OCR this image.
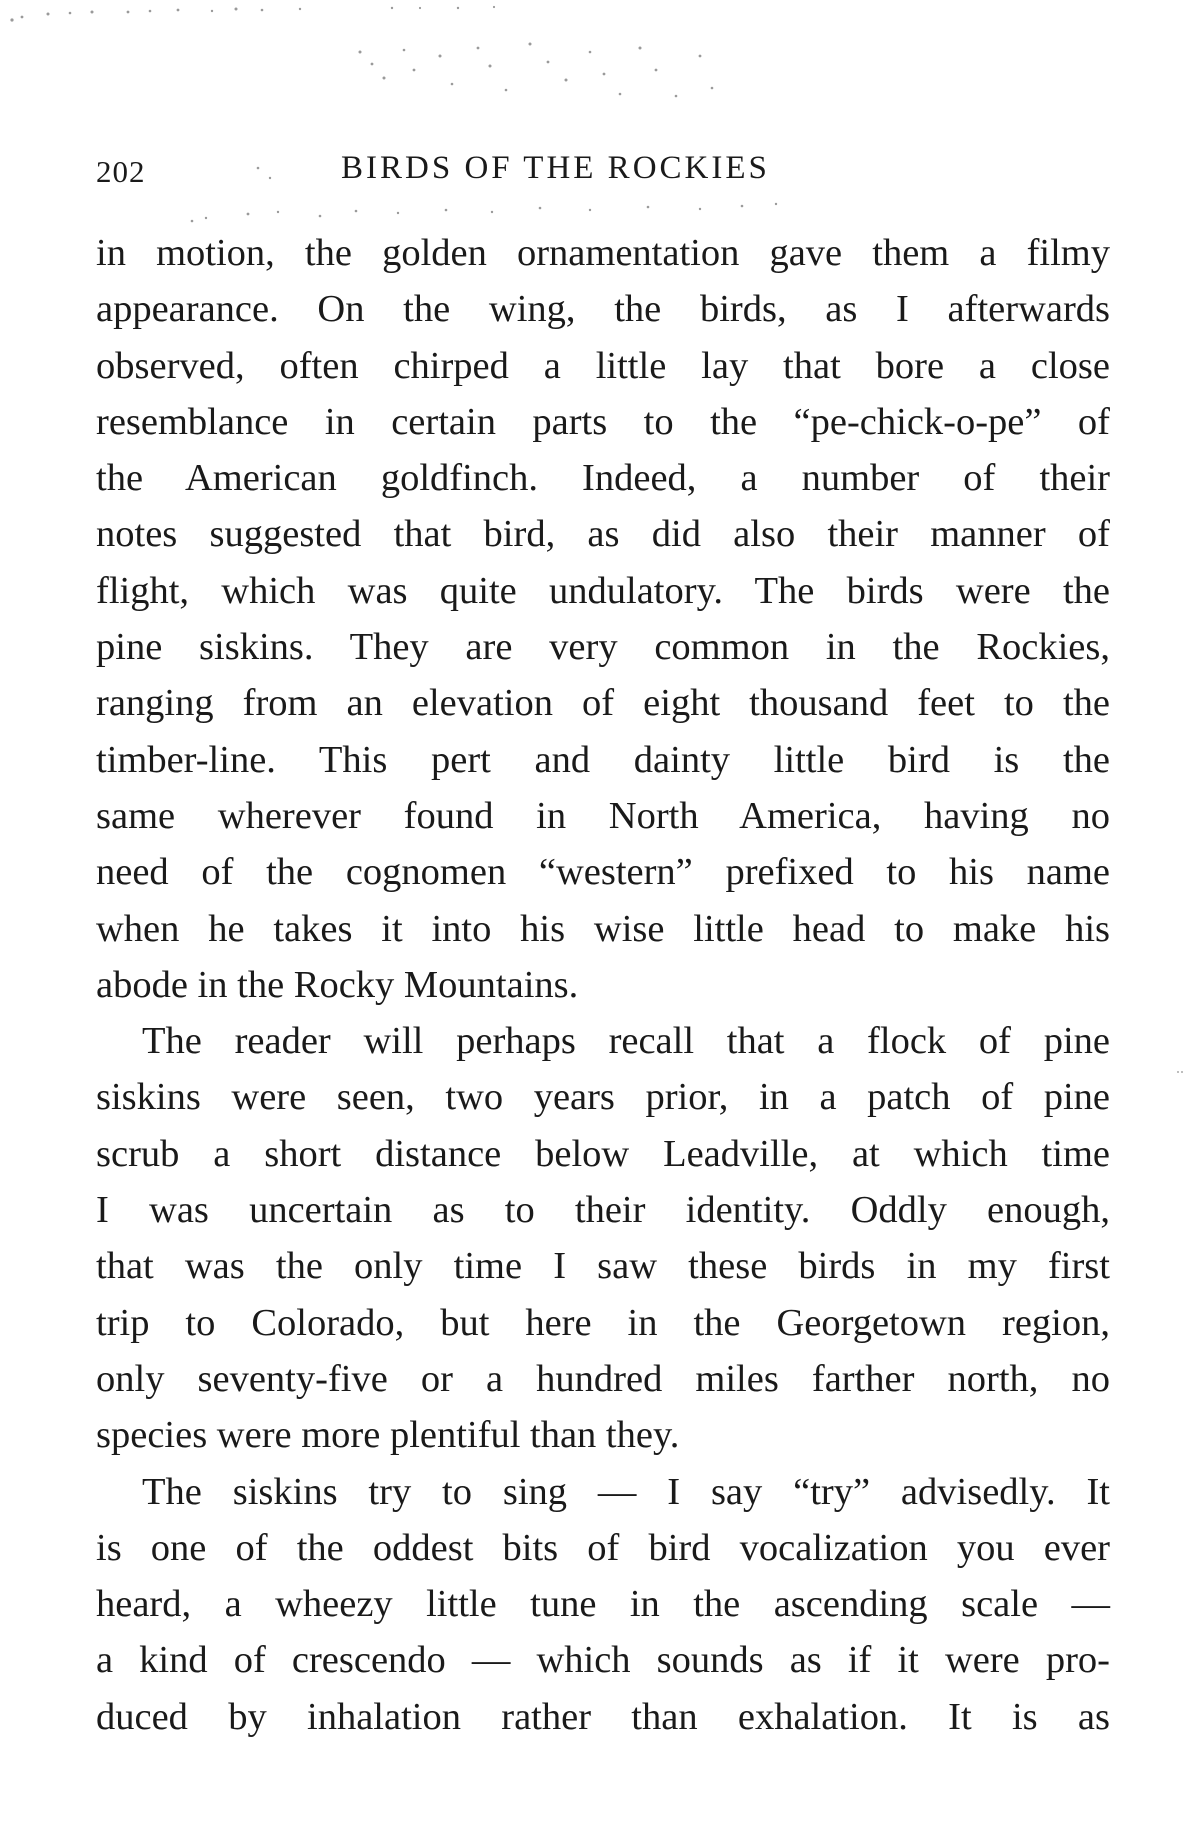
202	BIRDS OF THE ROCKIES

in motion, the golden ornamentation gave them a filmy

appearance. On the wing, the birds, as I afterwards

observed, often chirped a little lay that bore a close

resemblance in certain parts to the “pe-chick-o-pe” of

the American goldfinch. Indeed, a number of their

notes suggested that bird, as did also their manner of

flight, which was quite undulatory. The birds were the

pine siskins. They are very common in the Rockies,

ranging from an elevation of eight thousand feet to the

timber-line. This pert and dainty little bird is the

same wherever found in North America, having no

need of the cognomen “western” prefixed to his name

when he takes it into his wise little head to make his

abode in the Rocky Mountains.

The reader will perhaps recall that a flock of pine

siskins were seen, two years prior, in a patch of pine

scrub a short distance below Leadville, at which time

I was uncertain as to their identity. Oddly enough,

that was the only time I saw these birds in my first

trip to Colorado, but here in the Georgetown region,

only seventy-five or a hundred miles farther north, no

species were more plentiful than they.

The siskins try to sing — I say “try” advisedly. It

is one of the oddest bits of bird vocalization you ever

heard, a wheezy little tune in the ascending scale —

a kind of crescendo — which sounds as if it were pro-

duced by inhalation rather than exhalation. It is as
